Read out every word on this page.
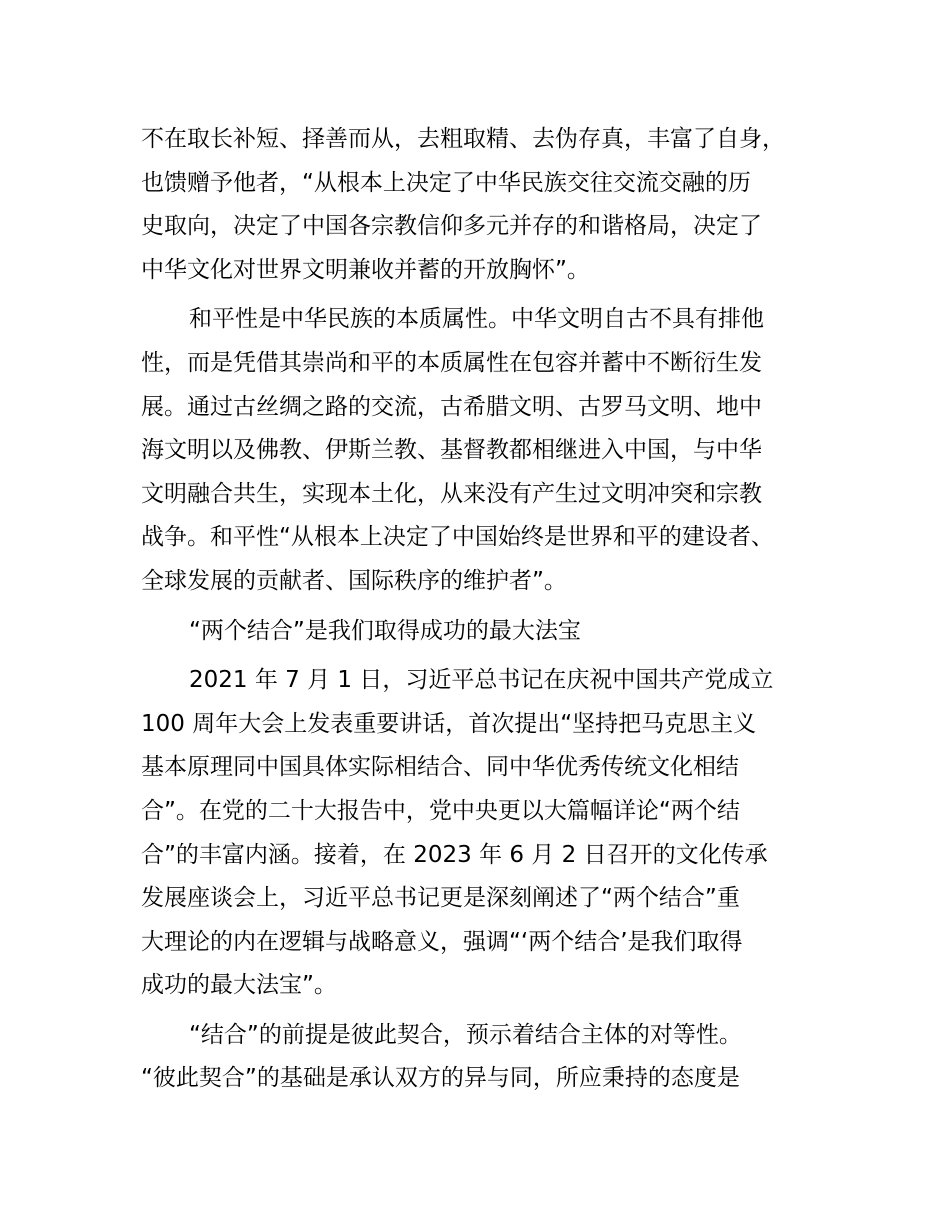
不在取长补短、择善而从，去粗取精、去伪存真，丰富了自身，
也馈赠予他者，“从根本上决定了中华民族交往交流交融的历
史取向，决定了中国各宗教信仰多元并存的和谐格局，决定了
中华文化对世界文明兼收并蓄的开放胸怀”。

和平性是中华民族的本质属性。中华文明自古不具有排他
性，而是凭借其崇尚和平的本质属性在包容并蓄中不断衍生发
展。通过古丝绸之路的交流，古希腊文明、古罗马文明、地中
海文明以及佛教、伊斯兰教、基督教都相继进入中国，与中华
文明融合共生，实现本土化，从来没有产生过文明冲突和宗教
战争。和平性“从根本上决定了中国始终是世界和平的建设者、
全球发展的贡献者、国际秩序的维护者”。

“两个结合”是我们取得成功的最大法宝

2021 年 7 月 1 日，习近平总书记在庆祝中国共产党成立
100 周年大会上发表重要讲话，首次提出“坚持把马克思主义
基本原理同中国具体实际相结合、同中华优秀传统文化相结
合”。在党的二十大报告中，党中央更以大篇幅详论“两个结
合”的丰富内涵。接着，在 2023 年 6 月 2 日召开的文化传承
发展座谈会上，习近平总书记更是深刻阐述了“两个结合”重
大理论的内在逻辑与战略意义，强调“‘两个结合’是我们取得
成功的最大法宝”。

“结合”的前提是彼此契合，预示着结合主体的对等性。
“彼此契合”的基础是承认双方的异与同，所应秉持的态度是
